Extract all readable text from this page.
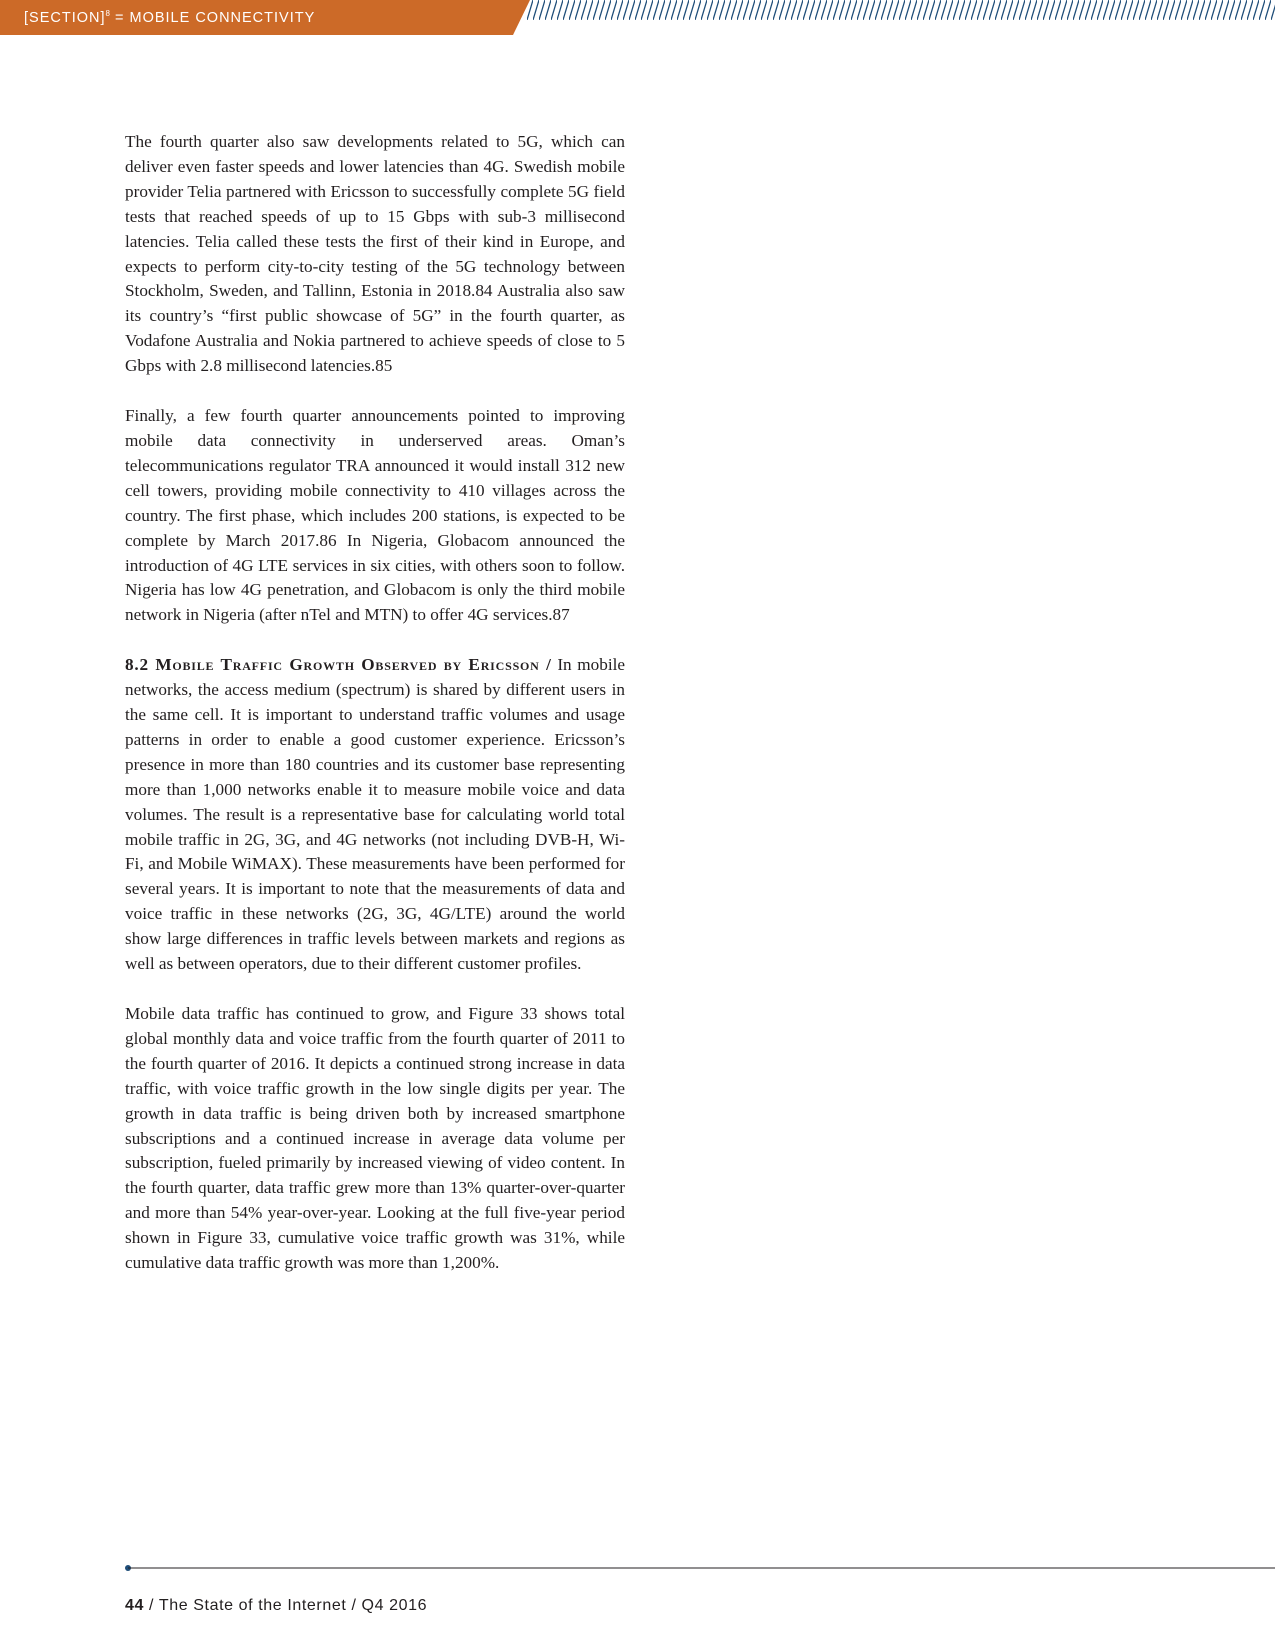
[SECTION]$^8$ = MOBILE CONNECTIVITY

The fourth quarter also saw developments related to 5G, which can deliver even faster speeds and lower latencies than 4G. Swedish mobile provider Telia partnered with Ericsson to successfully complete 5G field tests that reached speeds of up to 15 Gbps with sub-3 millisecond latencies. Telia called these tests the first of their kind in Europe, and expects to perform city-to-city testing of the 5G technology between Stockholm, Sweden, and Tallinn, Estonia in 2018.84 Australia also saw its country’s “first public showcase of 5G” in the fourth quarter, as Vodafone Australia and Nokia partnered to achieve speeds of close to 5 Gbps with 2.8 millisecond latencies.85

Finally, a few fourth quarter announcements pointed to improving mobile data connectivity in underserved areas. Oman’s telecommunications regulator TRA announced it would install 312 new cell towers, providing mobile connectivity to 410 villages across the country. The first phase, which includes 200 stations, is expected to be complete by March 2017.86 In Nigeria, Globacom announced the introduction of 4G LTE services in six cities, with others soon to follow. Nigeria has low 4G penetration, and Globacom is only the third mobile network in Nigeria (after nTel and MTN) to offer 4G services.87

8.2 Mobile Traffic Growth Observed by Ericsson / In mobile networks, the access medium (spectrum) is shared by different users in the same cell. It is important to understand traffic volumes and usage patterns in order to enable a good customer experience. Ericsson’s presence in more than 180 countries and its customer base representing more than 1,000 networks enable it to measure mobile voice and data volumes. The result is a representative base for calculating world total mobile traffic in 2G, 3G, and 4G networks (not including DVB-H, Wi-Fi, and Mobile WiMAX). These measurements have been performed for several years. It is important to note that the measurements of data and voice traffic in these networks (2G, 3G, 4G/LTE) around the world show large differences in traffic levels between markets and regions as well as between operators, due to their different customer profiles.

Mobile data traffic has continued to grow, and Figure 33 shows total global monthly data and voice traffic from the fourth quarter of 2011 to the fourth quarter of 2016. It depicts a continued strong increase in data traffic, with voice traffic growth in the low single digits per year. The growth in data traffic is being driven both by increased smartphone subscriptions and a continued increase in average data volume per subscription, fueled primarily by increased viewing of video content. In the fourth quarter, data traffic grew more than 13% quarter-over-quarter and more than 54% year-over-year. Looking at the full five-year period shown in Figure 33, cumulative voice traffic growth was 31%, while cumulative data traffic growth was more than 1,200%.

44 / The State of the Internet / Q4 2016
